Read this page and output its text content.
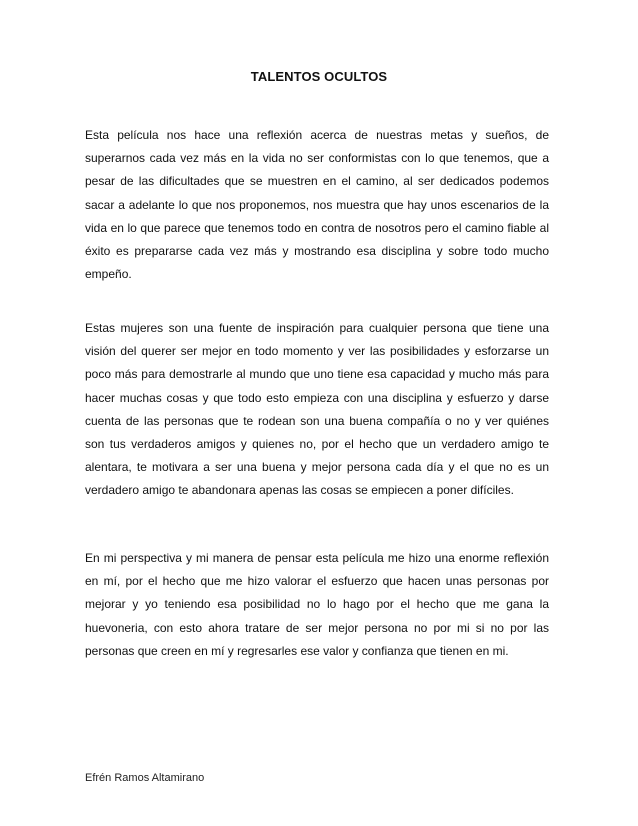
TALENTOS OCULTOS

Esta película nos hace una reflexión acerca de nuestras metas y sueños, de superarnos cada vez más en la vida no ser conformistas con lo que tenemos, que a pesar de las dificultades que se muestren en el camino, al ser dedicados podemos sacar a adelante lo que nos proponemos, nos muestra que hay unos escenarios de la vida en lo que parece que tenemos todo en contra de nosotros pero el camino fiable al éxito es prepararse cada vez más y mostrando esa disciplina y sobre todo mucho empeño.

Estas mujeres son una fuente de inspiración para cualquier persona que tiene una visión del querer ser mejor en todo momento y ver las posibilidades y esforzarse un poco más para demostrarle al mundo que uno tiene esa capacidad y mucho más para hacer muchas cosas y que todo esto empieza con una disciplina y esfuerzo y darse cuenta de las personas que te rodean son una buena compañía o no y ver quiénes son tus verdaderos amigos y quienes no, por el hecho que un verdadero amigo te alentara, te motivara a ser una buena y mejor persona cada día y el que no es un verdadero amigo te abandonara apenas las cosas se empiecen a poner difíciles.

En mi perspectiva y mi manera de pensar esta película me hizo una enorme reflexión en mí, por el hecho que me hizo valorar el esfuerzo que hacen unas personas por mejorar y yo teniendo esa posibilidad no lo hago por el hecho que me gana la huevoneria, con esto ahora tratare de ser mejor persona no por mi si no por las personas que creen en mí y regresarles ese valor y confianza que tienen en mi.

Efrén Ramos Altamirano
